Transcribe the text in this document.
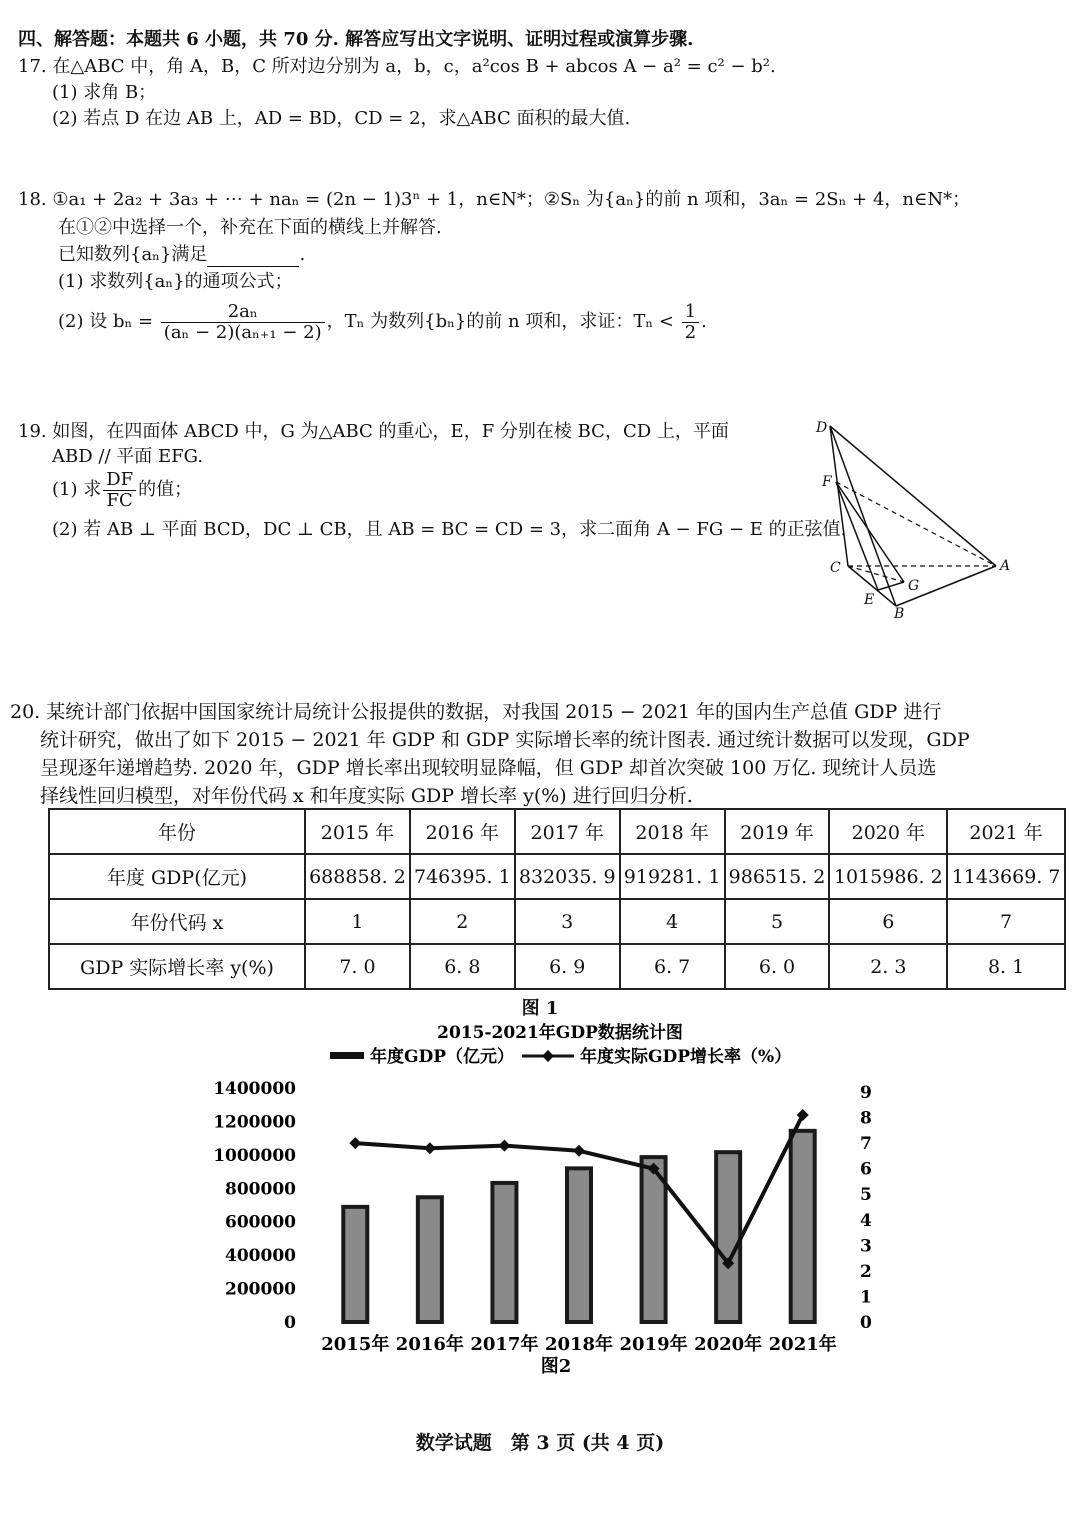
四、解答题：本题共 6 小题，共 70 分. 解答应写出文字说明、证明过程或演算步骤.
17. 在△ABC 中，角 A，B，C 所对边分别为 a，b，c，a²cos B + abcos A − a² = c² − b².
(1) 求角 B；
(2) 若点 D 在边 AB 上，AD = BD，CD = 2，求△ABC 面积的最大值.
18. ①a₁ + 2a₂ + 3a₃ + ⋯ + naₙ = (2n − 1)3ⁿ + 1，n∈N*；②Sₙ 为{aₙ}的前 n 项和，3aₙ = 2Sₙ + 4，n∈N*；
在①②中选择一个，补充在下面的横线上并解答.
已知数列{aₙ}满足	.
(1) 求数列{aₙ}的通项公式；
(2) 设 $b_n = \frac{\text{2aₙ}}{\text{(aₙ − 2)(aₙ₊₁ − 2)}}$ ，Tₙ 为数列{bₙ}的前 n 项和，求证：$T_n < \frac{1}{2}$ .
19. 如图，在四面体 ABCD 中，G 为△ABC 的重心，E，F 分别在棱 BC，CD 上，平面
ABD // 平面 EFG.
(1) 求 $\frac{DF}{FC}$ 的值；
(2) 若 AB ⊥ 平面 BCD，DC ⊥ CB，且 AB = BC = CD = 3，求二面角 A − FG − E 的正弦值.
D
F
C	A
E
G
B
20. 某统计部门依据中国国家统计局统计公报提供的数据，对我国 2015 − 2021 年的国内生产总值 GDP 进行
统计研究，做出了如下 2015 − 2021 年 GDP 和 GDP 实际增长率的统计图表. 通过统计数据可以发现，GDP
呈现逐年递增趋势. 2020 年，GDP 增长率出现较明显降幅，但 GDP 却首次突破 100 万亿. 现统计人员选
择线性回归模型，对年份代码 x 和年度实际 GDP 增长率 y(%) 进行回归分析.
年份	2015 年	2016 年	2017 年	2018 年	2019 年	2020 年	2021 年
年度 GDP(亿元)	688858. 2	746395. 1	832035. 9	919281. 1	986515. 2	1015986. 2	1143669. 7
年份代码 x	1	2	3	4	5	6	7
GDP 实际增长率 y(%)	7. 0	6. 8	6. 9	6. 7	6. 0	2. 3	8. 1
图 1
2015-2021年GDP数据统计图
年度GDP（亿元）	年度实际GDP增长率（%）
0
200000
400000
600000
800000
1000000
1200000
1400000
0
1
2
3
4
5
6
7
8
9
2015年 2016年 2017年 2018年 2019年 2020年 2021年
图2
数学试题　第 3 页 (共 4 页)
